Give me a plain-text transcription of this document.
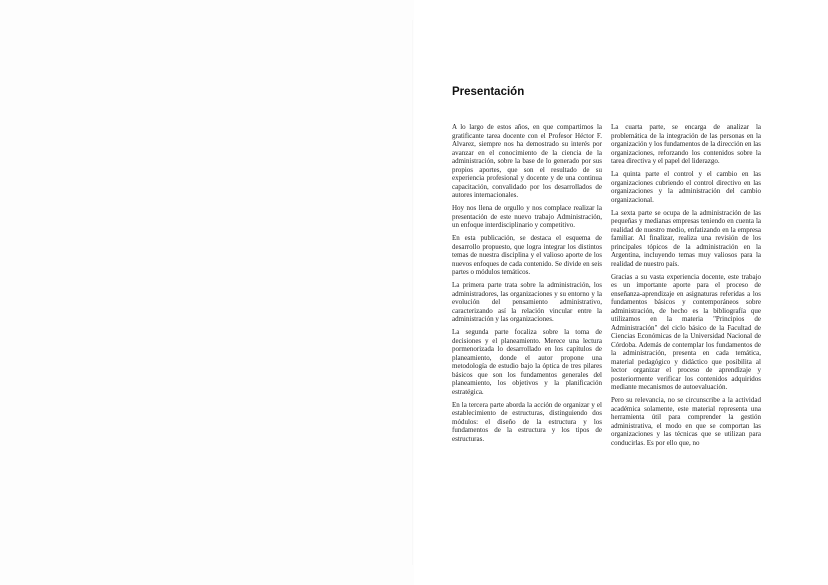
Presentación

A lo largo de estos años, en que compartimos la gratificante tarea docente con el Profesor Héctor F. Alvarez, siempre nos ha demostrado su interés por avanzar en el conocimiento de la ciencia de la administración, sobre la base de lo generado por sus propios aportes, que son el resultado de su experiencia profesional y docente y de una continua capacitación, convalidado por los desarrollados de autores internacionales.

Hoy nos llena de orgullo y nos complace realizar la presentación de este nuevo trabajo Administración, un enfoque interdisciplinario y competitivo.

En esta publicación, se destaca el esquema de desarrollo propuesto, que logra integrar los distintos temas de nuestra disciplina y el valioso aporte de los nuevos enfoques de cada contenido. Se divide en seis partes o módulos temáticos.

La primera parte trata sobre la administración, los administradores, las organizaciones y su entorno y la evolución del pensamiento administrativo, caracterizando así la relación vincular entre la administración y las organizaciones.

La segunda parte focaliza sobre la toma de decisiones y el planeamiento. Merece una lectura pormenorizada lo desarrollado en los capítulos de planeamiento, donde el autor propone una metodología de estudio bajo la óptica de tres pilares básicos que son los fundamentos generales del planeamiento, los objetivos y la planificación estratégica.

En la tercera parte aborda la acción de organizar y el establecimiento de estructuras, distinguiendo dos módulos: el diseño de la estructura y los fundamentos de la estructura y los tipos de estructuras.

La cuarta parte, se encarga de analizar la problemática de la integración de las personas en la organización y los fundamentos de la dirección en las organizaciones, reforzando los contenidos sobre la tarea directiva y el papel del liderazgo.

La quinta parte el control y el cambio en las organizaciones cubriendo el control directivo en las organizaciones y la administración del cambio organizacional.

La sexta parte se ocupa de la administración de las pequeñas y medianas empresas teniendo en cuenta la realidad de nuestro medio, enfatizando en la empresa familiar. Al finalizar, realiza una revisión de los principales tópicos de la administración en la Argentina, incluyendo temas muy valiosos para la realidad de nuestro país.

Gracias a su vasta experiencia docente, este trabajo es un importante aporte para el proceso de enseñanza-aprendizaje en asignaturas referidas a los fundamentos básicos y contemporáneos sobre administración, de hecho es la bibliografía que utilizamos en la materia "Principios de Administración" del ciclo básico de la Facultad de Ciencias Económicas de la Universidad Nacional de Córdoba. Además de contemplar los fundamentos de la administración, presenta en cada temática, material pedagógico y didáctico que posibilita al lector organizar el proceso de aprendizaje y posteriormente verificar los contenidos adquiridos mediante mecanismos de autoevaluación.

Pero su relevancia, no se circunscribe a la actividad académica solamente, este material representa una herramienta útil para comprender la gestión administrativa, el modo en que se comportan las organizaciones y las técnicas que se utilizan para conducirlas. Es por ello que, no
